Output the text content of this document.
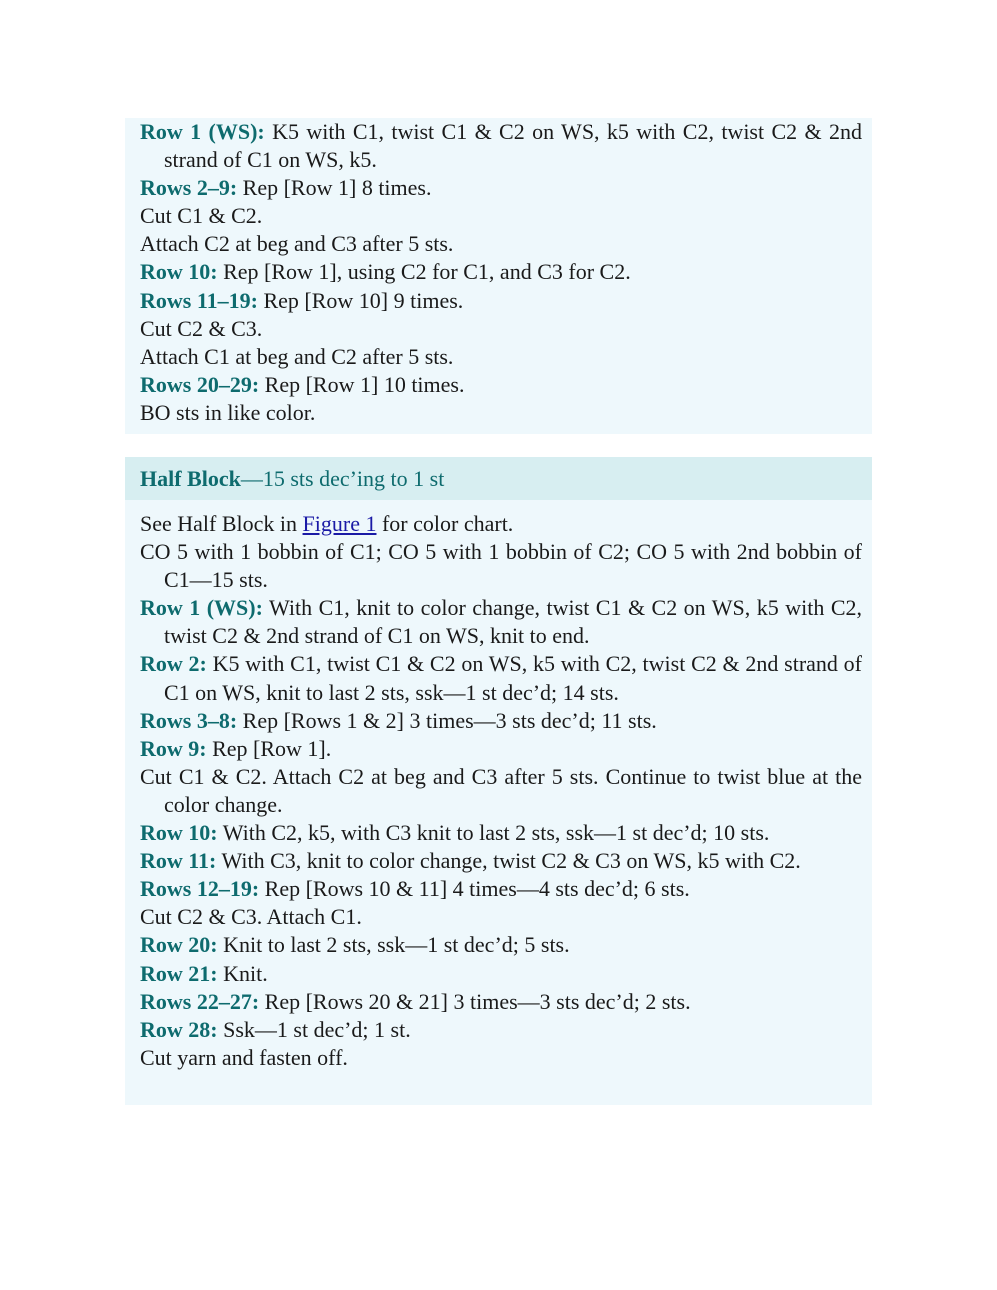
Row 1 (WS): K5 with C1, twist C1 & C2 on WS, k5 with C2, twist C2 & 2nd strand of C1 on WS, k5.

Rows 2–9: Rep [Row 1] 8 times.

Cut C1 & C2.

Attach C2 at beg and C3 after 5 sts.

Row 10: Rep [Row 1], using C2 for C1, and C3 for C2.

Rows 11–19: Rep [Row 10] 9 times.

Cut C2 & C3.

Attach C1 at beg and C2 after 5 sts.

Rows 20–29: Rep [Row 1] 10 times.

BO sts in like color.

Half Block—15 sts dec’ing to 1 st

See Half Block in Figure 1 for color chart.

CO 5 with 1 bobbin of C1; CO 5 with 1 bobbin of C2; CO 5 with 2nd bobbin of C1—15 sts.

Row 1 (WS): With C1, knit to color change, twist C1 & C2 on WS, k5 with C2, twist C2 & 2nd strand of C1 on WS, knit to end.

Row 2: K5 with C1, twist C1 & C2 on WS, k5 with C2, twist C2 & 2nd strand of C1 on WS, knit to last 2 sts, ssk—1 st dec’d; 14 sts.

Rows 3–8: Rep [Rows 1 & 2] 3 times—3 sts dec’d; 11 sts.

Row 9: Rep [Row 1].

Cut C1 & C2. Attach C2 at beg and C3 after 5 sts. Continue to twist blue at the color change.

Row 10: With C2, k5, with C3 knit to last 2 sts, ssk—1 st dec’d; 10 sts.

Row 11: With C3, knit to color change, twist C2 & C3 on WS, k5 with C2.

Rows 12–19: Rep [Rows 10 & 11] 4 times—4 sts dec’d; 6 sts.

Cut C2 & C3. Attach C1.

Row 20: Knit to last 2 sts, ssk—1 st dec’d; 5 sts.

Row 21: Knit.

Rows 22–27: Rep [Rows 20 & 21] 3 times—3 sts dec’d; 2 sts.

Row 28: Ssk—1 st dec’d; 1 st.

Cut yarn and fasten off.
